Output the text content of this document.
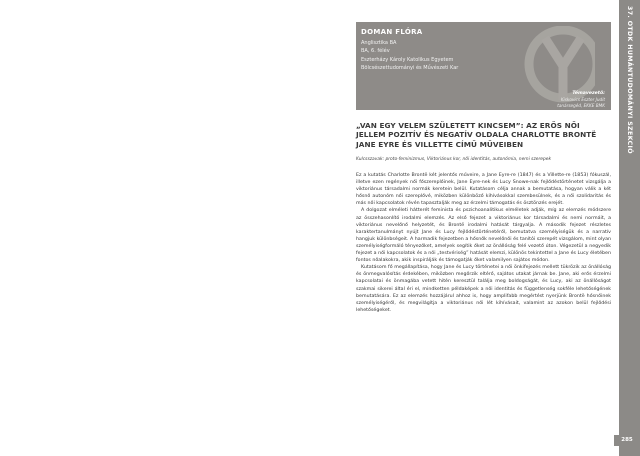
37. OTDK HUMÁNTUDOMÁNYI SZEKCIÓ
DOMAN FLÓRA
Anglisztika BA
BA, 6. félév
Eszterházy Károly Katolikus Egyetem
Bölcsészettudományi és Művészeti Kar
Témavezető:
Kiskovics Eszter Judit
tanársegéd, EKKE BMK
„VAN EGY VELEM SZÜLETETT KINCSEM”: AZ ERŐS NŐI JELLEM POZITÍV ÉS NEGATÍV OLDALA CHARLOTTE BRONTË JANE EYRE ÉS VILLETTE CÍMŰ MŰVEIBEN
Kulcsszavak: proto-feminizmus, Viktoriánus kor, női identitás, autonómia, nemi szerepek

Ez a kutatás Charlotte Brontë két jelentős műveire, a Jane Eyre-re (1847) és a Villette-re (1853) fókuszál, illetve ezen regények női főszereplőinek, Jane Eyre-nek és Lucy Snowe-nak fejlődéstörténetet vizsgálja a viktoriánus társadalmi normák keretein belül. Kutatásom célja annak a bemutatása, hogyan válik a két hősnő autonóm női szereplővé, miközben különböző kihívásokkal szembesülnek, és a női szolidaritás és más női kapcsolatok révén tapasztalják meg az érzelmi támogatás és ösztönzés erejét.

A dolgozat elméleti hátterét feminista és pszichoanalitikus elméletek adják, míg az elemzés módszere az összehasonlító irodalmi elemzés. Az első fejezet a viktoriánus kor társadalmi és nemi normáit, a viktoriánus nevelőnő helyzetét, és Brontë irodalmi hatását tárgyalja. A második fejezet részletes karaktertanulmányt nyújt Jane és Lucy fejlődéstörténetéről, bemutatva személyiségük és a narratív hangjuk különbségeit. A harmadik fejezetben a hősnők nevelőnői és tanítói szerepét vizsgálom, mint olyan személyiségformáló tényezőket, amelyek segítik őket az önállóság felé vezető úton. Végezetül a negyedik fejezet a női kapcsolatok és a női „testvériség” hatását elemzi, különös tekintettel a Jane és Lucy életében fontos nőalakokra, akik inspirálják és támogatják őket valamilyen sajátos módon.

Kutatásom fő megállapítása, hogy Jane és Lucy történetei a női önkifejezés mellett tükrözik az önállóság és önmegvalósítás érdekében, miközben megőrzik eltérő, sajátos utakat járnak be. Jane, aki erős érzelmi kapcsolatai és önmagába vetett hitén keresztül találja meg boldogságát, és Lucy, aki az önállóságot szakmai sikerei által éri el, mindketten példaképek a női identitás és függetlenség sokféle lehetőségének bemutatására. Ez az elemzés hozzájárul ahhoz is, hogy amplifabb megértést nyerjünk Brontë hősnőinek személyiségéről, és megvilágítja a viktoriánus női lét kihívásait, valamint az azokon belül fejlődési lehetőségeket.

285
